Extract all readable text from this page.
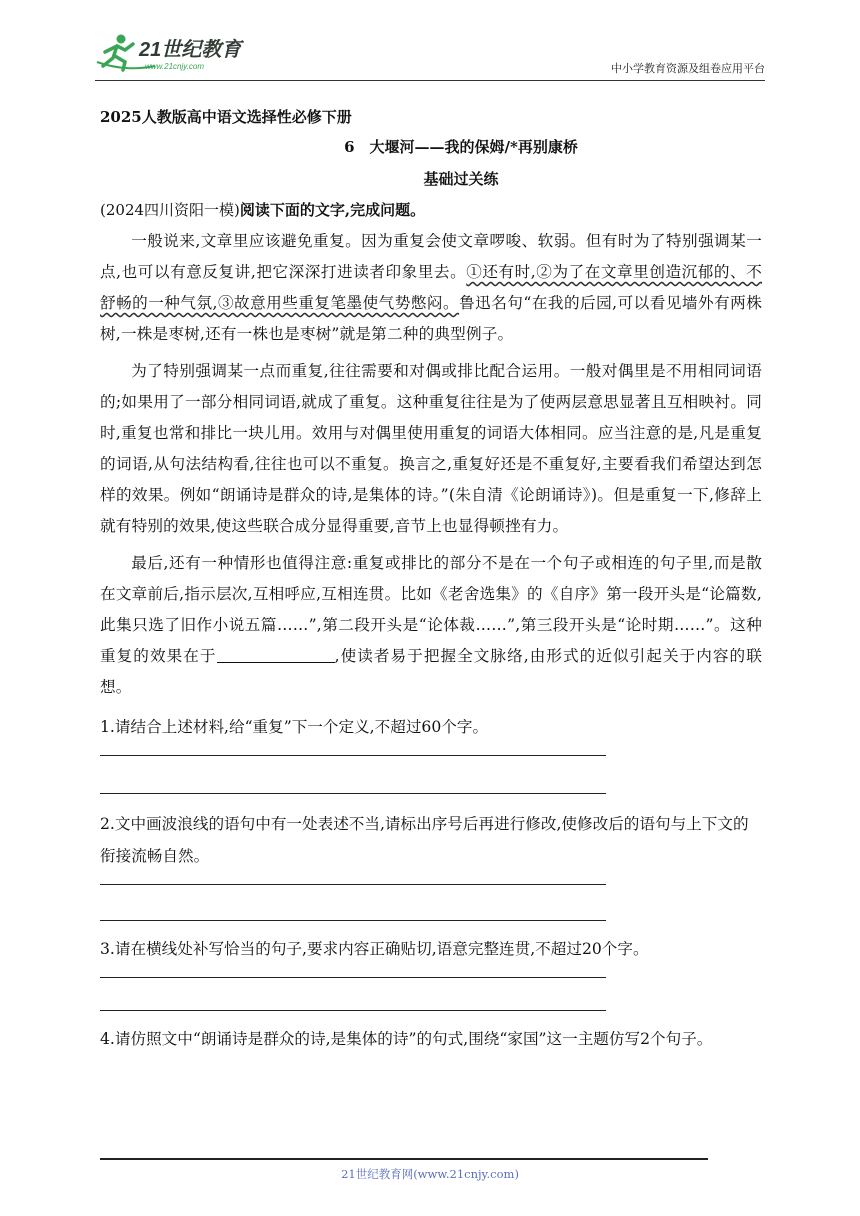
21世纪教育
www.21cnjy.com	中小学教育资源及组卷应用平台
2025人教版高中语文选择性必修下册
6　大堰河——我的保姆/*再别康桥
基础过关练
(2024四川资阳一模)阅读下面的文字,完成问题。

一般说来,文章里应该避免重复。因为重复会使文章啰唆、软弱。但有时为了特别强调某一点,也可以有意反复讲,把它深深打进读者印象里去。①还有时,②为了在文章里创造沉郁的、不舒畅的一种气氛,③故意用些重复笔墨使气势憋闷。鲁迅名句“在我的后园,可以看见墙外有两株树,一株是枣树,还有一株也是枣树”就是第二种的典型例子。

为了特别强调某一点而重复,往往需要和对偶或排比配合运用。一般对偶里是不用相同词语的;如果用了一部分相同词语,就成了重复。这种重复往往是为了使两层意思显著且互相映衬。同时,重复也常和排比一块儿用。效用与对偶里使用重复的词语大体相同。应当注意的是,凡是重复的词语,从句法结构看,往往也可以不重复。换言之,重复好还是不重复好,主要看我们希望达到怎样的效果。例如“朗诵诗是群众的诗,是集体的诗。”(朱自清《论朗诵诗》)。但是重复一下,修辞上就有特别的效果,使这些联合成分显得重要,音节上也显得顿挫有力。

最后,还有一种情形也值得注意:重复或排比的部分不是在一个句子或相连的句子里,而是散在文章前后,指示层次,互相呼应,互相连贯。比如《老舍选集》的《自序》第一段开头是“论篇数,此集只选了旧作小说五篇……”,第二段开头是“论体裁……”,第三段开头是“论时期……”。这种重复的效果在于	,使读者易于把握全文脉络,由形式的近似引起关于内容的联想。

1.请结合上述材料,给“重复”下一个定义,不超过60个字。
2.文中画波浪线的语句中有一处表述不当,请标出序号后再进行修改,使修改后的语句与上下文的衔接流畅自然。
3.请在横线处补写恰当的句子,要求内容正确贴切,语意完整连贯,不超过20个字。
4.请仿照文中“朗诵诗是群众的诗,是集体的诗”的句式,围绕“家国”这一主题仿写2个句子。
21世纪教育网(www.21cnjy.com)
